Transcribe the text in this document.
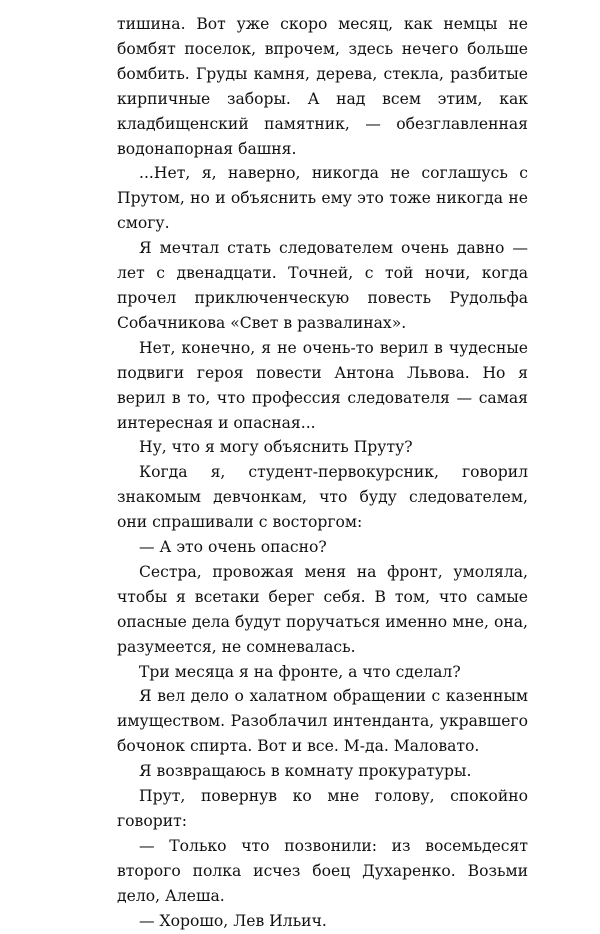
тишина. Вот уже скоро месяц, как немцы не бомбят поселок, впрочем, здесь нечего больше бомбить. Груды камня, дерева, стекла, разбитые кирпичные заборы. А над всем этим, как кладбищенский памятник, — обезглавленная водонапорная башня.

...Нет, я, наверно, никогда не соглашусь с Прутом, но и объяснить ему это тоже никогда не смогу.

Я мечтал стать следователем очень давно — лет с двенадцати. Точней, с той ночи, когда прочел приключенческую повесть Рудольфа Собачникова «Свет в развалинах».

Нет, конечно, я не очень-то верил в чудесные подвиги героя повести Антона Львова. Но я верил в то, что профессия следователя — самая интересная и опасная...

Ну, что я могу объяснить Пруту?

Когда я, студент-первокурсник, говорил знакомым девчонкам, что буду следователем, они спрашивали с восторгом:

— А это очень опасно?

Сестра, провожая меня на фронт, умоляла, чтобы я всетаки берег себя. В том, что самые опасные дела будут поручаться именно мне, она, разумеется, не сомневалась.

Три месяца я на фронте, а что сделал?

Я вел дело о халатном обращении с казенным имуществом. Разоблачил интенданта, укравшего бочонок спирта. Вот и все. М-да. Маловато.

Я возвращаюсь в комнату прокуратуры.

Прут, повернув ко мне голову, спокойно говорит:

— Только что позвонили: из восемьдесят второго полка исчез боец Духаренко. Возьми дело, Алеша.

— Хорошо, Лев Ильич.
